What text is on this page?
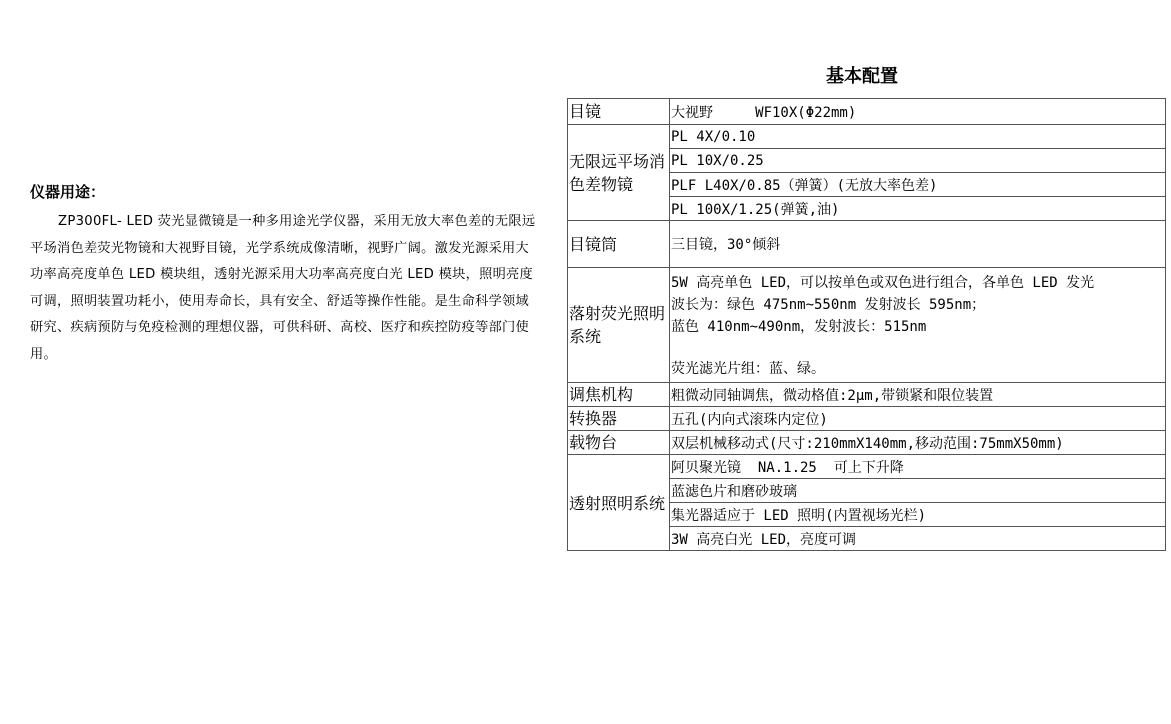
仪器用途：
ZP300FL- LED 荧光显微镜是一种多用途光学仪器，采用无放大率色差的无限远平场消色差荧光物镜和大视野目镜，光学系统成像清晰，视野广阔。激发光源采用大功率高亮度单色 LED 模块组，透射光源采用大功率高亮度白光 LED 模块，照明亮度可调，照明装置功耗小，使用寿命长，具有安全、舒适等操作性能。是生命科学领域研究、疾病预防与免疫检测的理想仪器，可供科研、高校、医疗和疾控防疫等部门使用。
基本配置
目镜	大视野     WF10X(Φ22mm)
无限远平场消色差物镜	PL 4X/0.10
	PL 10X/0.25
	PLF L40X/0.85（弹簧）(无放大率色差)
	PL 100X/1.25(弹簧,油)
目镜筒	三目镜，30°倾斜
落射荧光照明系统	5W 高亮单色 LED，可以按单色或双色进行组合，各单色 LED 发光
波长为：绿色 475nm~550nm 发射波长 595nm；
蓝色 410nm~490nm，发射波长：515nm
荧光滤光片组：蓝、绿。

调焦机构	粗微动同轴调焦，微动格值:2μm,带锁紧和限位装置
转换器	五孔(内向式滚珠内定位)
载物台	双层机械移动式(尺寸:210mmX140mm,移动范围:75mmX50mm)
透射照明系统	阿贝聚光镜  NA.1.25  可上下升降
	蓝滤色片和磨砂玻璃
	集光器适应于 LED 照明(内置视场光栏)
	3W 高亮白光 LED，亮度可调
